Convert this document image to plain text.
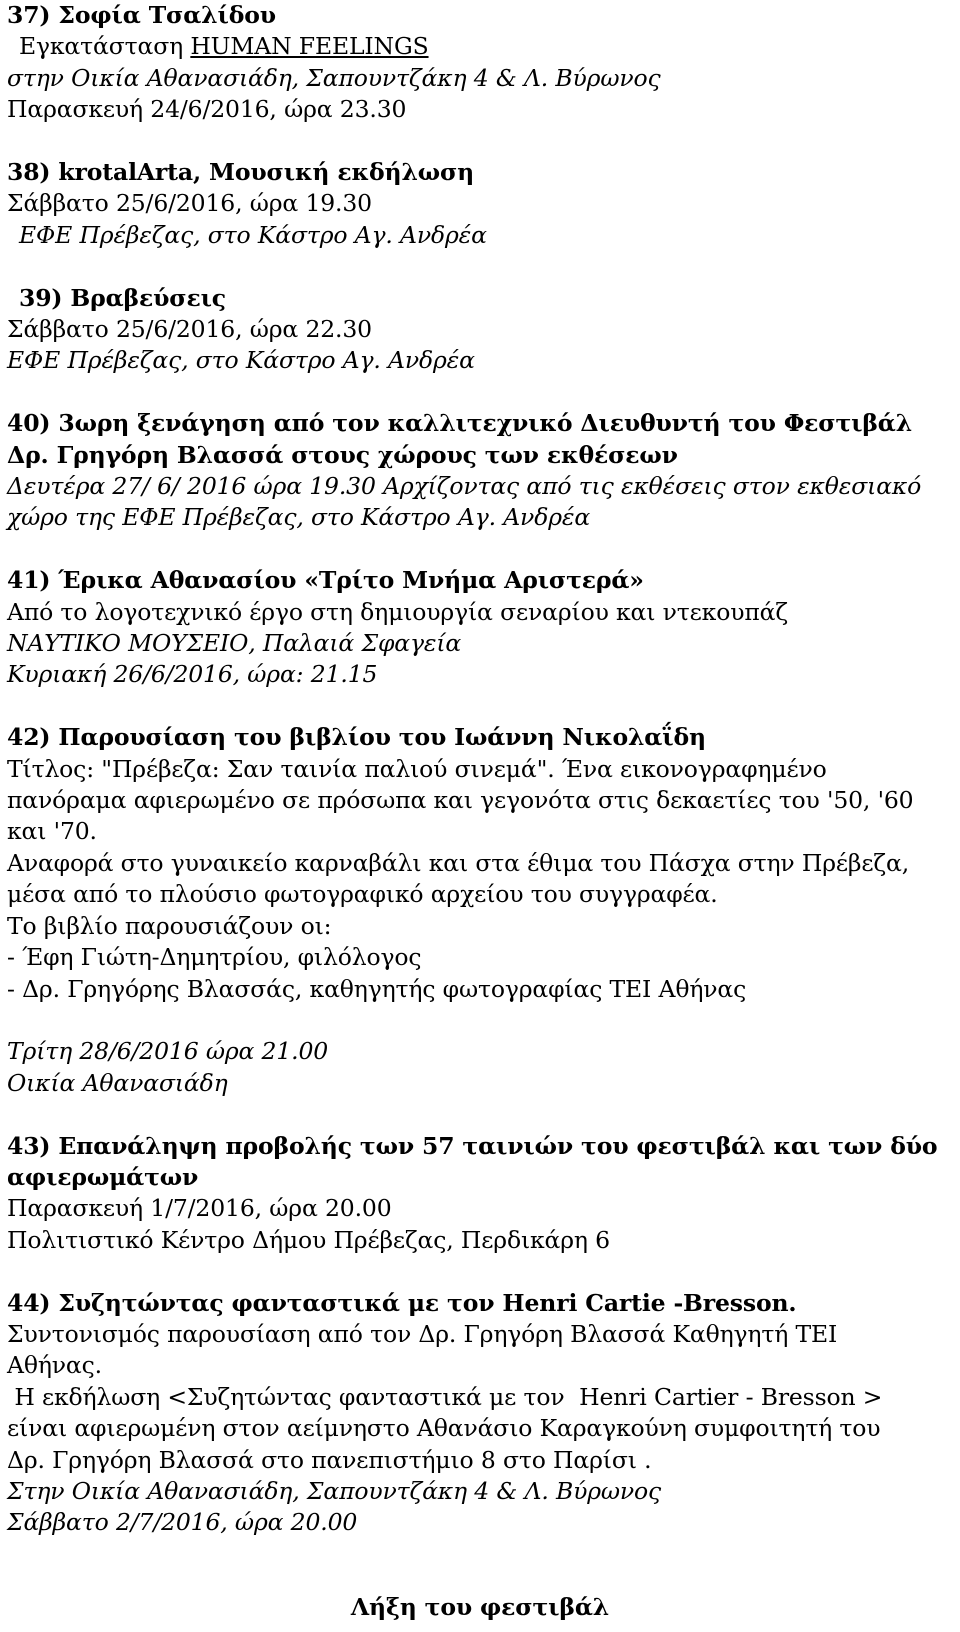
37) Σοφία Τσαλίδου
Εγκατάσταση HUMAN FEELINGS
στην Οικία Αθανασιάδη, Σαπουντζάκη 4 & Λ. Βύρωνος
Παρασκευή 24/6/2016, ώρα 23.30
38) krotalArta, Μουσική εκδήλωση
Σάββατο 25/6/2016, ώρα 19.30
ΕΦΕ Πρέβεζας, στο Κάστρο Αγ. Ανδρέα
39) Βραβεύσεις
Σάββατο 25/6/2016, ώρα 22.30
ΕΦΕ Πρέβεζας, στο Κάστρο Αγ. Ανδρέα
40) 3ωρη ξενάγηση από τον καλλιτεχνικό Διευθυντή του Φεστιβάλ
Δρ. Γρηγόρη Βλασσά στους χώρους των εκθέσεων
Δευτέρα 27/ 6/ 2016 ώρα 19.30 Αρχίζοντας από τις εκθέσεις στον εκθεσιακό
χώρο της ΕΦΕ Πρέβεζας, στο Κάστρο Αγ. Ανδρέα
41) Έρικα Αθανασίου «Τρίτο Μνήμα Αριστερά»
Από το λογοτεχνικό έργο στη δημιουργία σεναρίου και ντεκουπάζ
ΝΑΥΤΙΚΟ ΜΟΥΣΕΙΟ, Παλαιά Σφαγεία
Κυριακή 26/6/2016, ώρα: 21.15
42) Παρουσίαση του βιβλίου του Ιωάννη Νικολαΐδη
Τίτλος: "Πρέβεζα: Σαν ταινία παλιού σινεμά". Ένα εικονογραφημένο
πανόραμα αφιερωμένο σε πρόσωπα και γεγονότα στις δεκαετίες του '50, '60
και '70.
Αναφορά στο γυναικείο καρναβάλι και στα έθιμα του Πάσχα στην Πρέβεζα,
μέσα από το πλούσιο φωτογραφικό αρχείου του συγγραφέα.
Το βιβλίο παρουσιάζουν οι:
- Έφη Γιώτη-Δημητρίου, φιλόλογος
- Δρ. Γρηγόρης Βλασσάς, καθηγητής φωτογραφίας ΤΕΙ Αθήνας
Τρίτη 28/6/2016 ώρα 21.00
Οικία Αθανασιάδη
43) Επανάληψη προβολής των 57 ταινιών του φεστιβάλ και των δύο
αφιερωμάτων
Παρασκευή 1/7/2016, ώρα 20.00
Πολιτιστικό Κέντρο Δήμου Πρέβεζας, Περδικάρη 6
44) Συζητώντας φανταστικά με τον Henri Cartie -Bresson.
Συντονισμός παρουσίαση από τον Δρ. Γρηγόρη Βλασσά Καθηγητή ΤΕΙ
Αθήνας.
Η εκδήλωση <Συζητώντας φανταστικά με τον  Henri Cartier - Bresson >
είναι αφιερωμένη στον αείμνηστο Αθανάσιο Καραγκούνη συμφοιτητή του
Δρ. Γρηγόρη Βλασσά στο πανεπιστήμιο 8 στο Παρίσι .
Στην Οικία Αθανασιάδη, Σαπουντζάκη 4 & Λ. Βύρωνος
Σάββατο 2/7/2016, ώρα 20.00
Λήξη του φεστιβάλ
